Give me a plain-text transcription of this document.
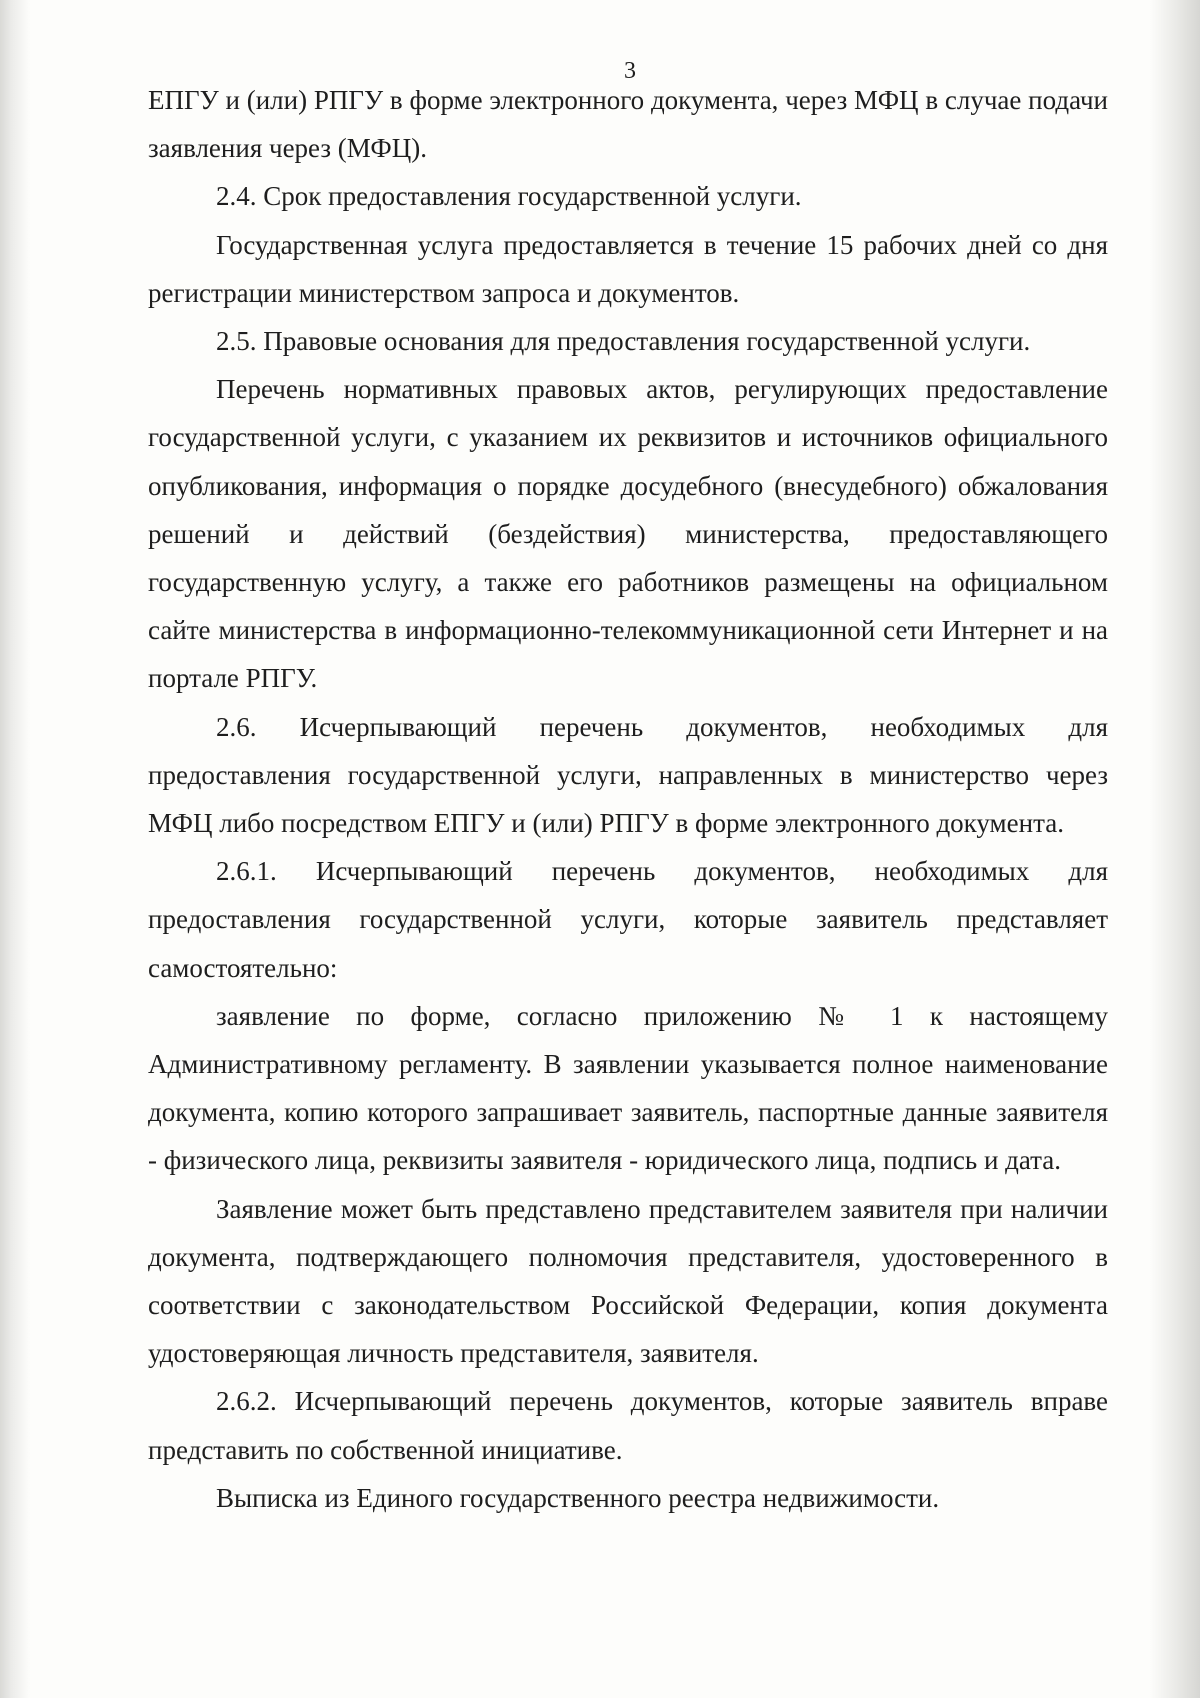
3

ЕПГУ и (или) РПГУ в форме электронного документа, через МФЦ в случае подачи заявления через (МФЦ).

2.4. Срок предоставления государственной услуги.

Государственная услуга предоставляется в течение 15 рабочих дней со дня регистрации министерством запроса и документов.

2.5. Правовые основания для предоставления государственной услуги.

Перечень нормативных правовых актов, регулирующих предоставление государственной услуги, с указанием их реквизитов и источников официального опубликования, информация о порядке досудебного (внесудебного) обжалования решений и действий (бездействия) министерства, предоставляющего государственную услугу, а также его работников размещены на официальном сайте министерства в информационно-телекоммуникационной сети Интернет и на портале РПГУ.

2.6. Исчерпывающий перечень документов, необходимых для предоставления государственной услуги, направленных в министерство через МФЦ либо посредством ЕПГУ и (или) РПГУ в форме электронного документа.

2.6.1. Исчерпывающий перечень документов, необходимых для предоставления государственной услуги, которые заявитель представляет самостоятельно:

заявление по форме, согласно приложению № 1 к настоящему Административному регламенту. В заявлении указывается полное наименование документа, копию которого запрашивает заявитель, паспортные данные заявителя - физического лица, реквизиты заявителя - юридического лица, подпись и дата.

Заявление может быть представлено представителем заявителя при наличии документа, подтверждающего полномочия представителя, удостоверенного в соответствии с законодательством Российской Федерации, копия документа удостоверяющая личность представителя, заявителя.

2.6.2. Исчерпывающий перечень документов, которые заявитель вправе представить по собственной инициативе.

Выписка из Единого государственного реестра недвижимости.
